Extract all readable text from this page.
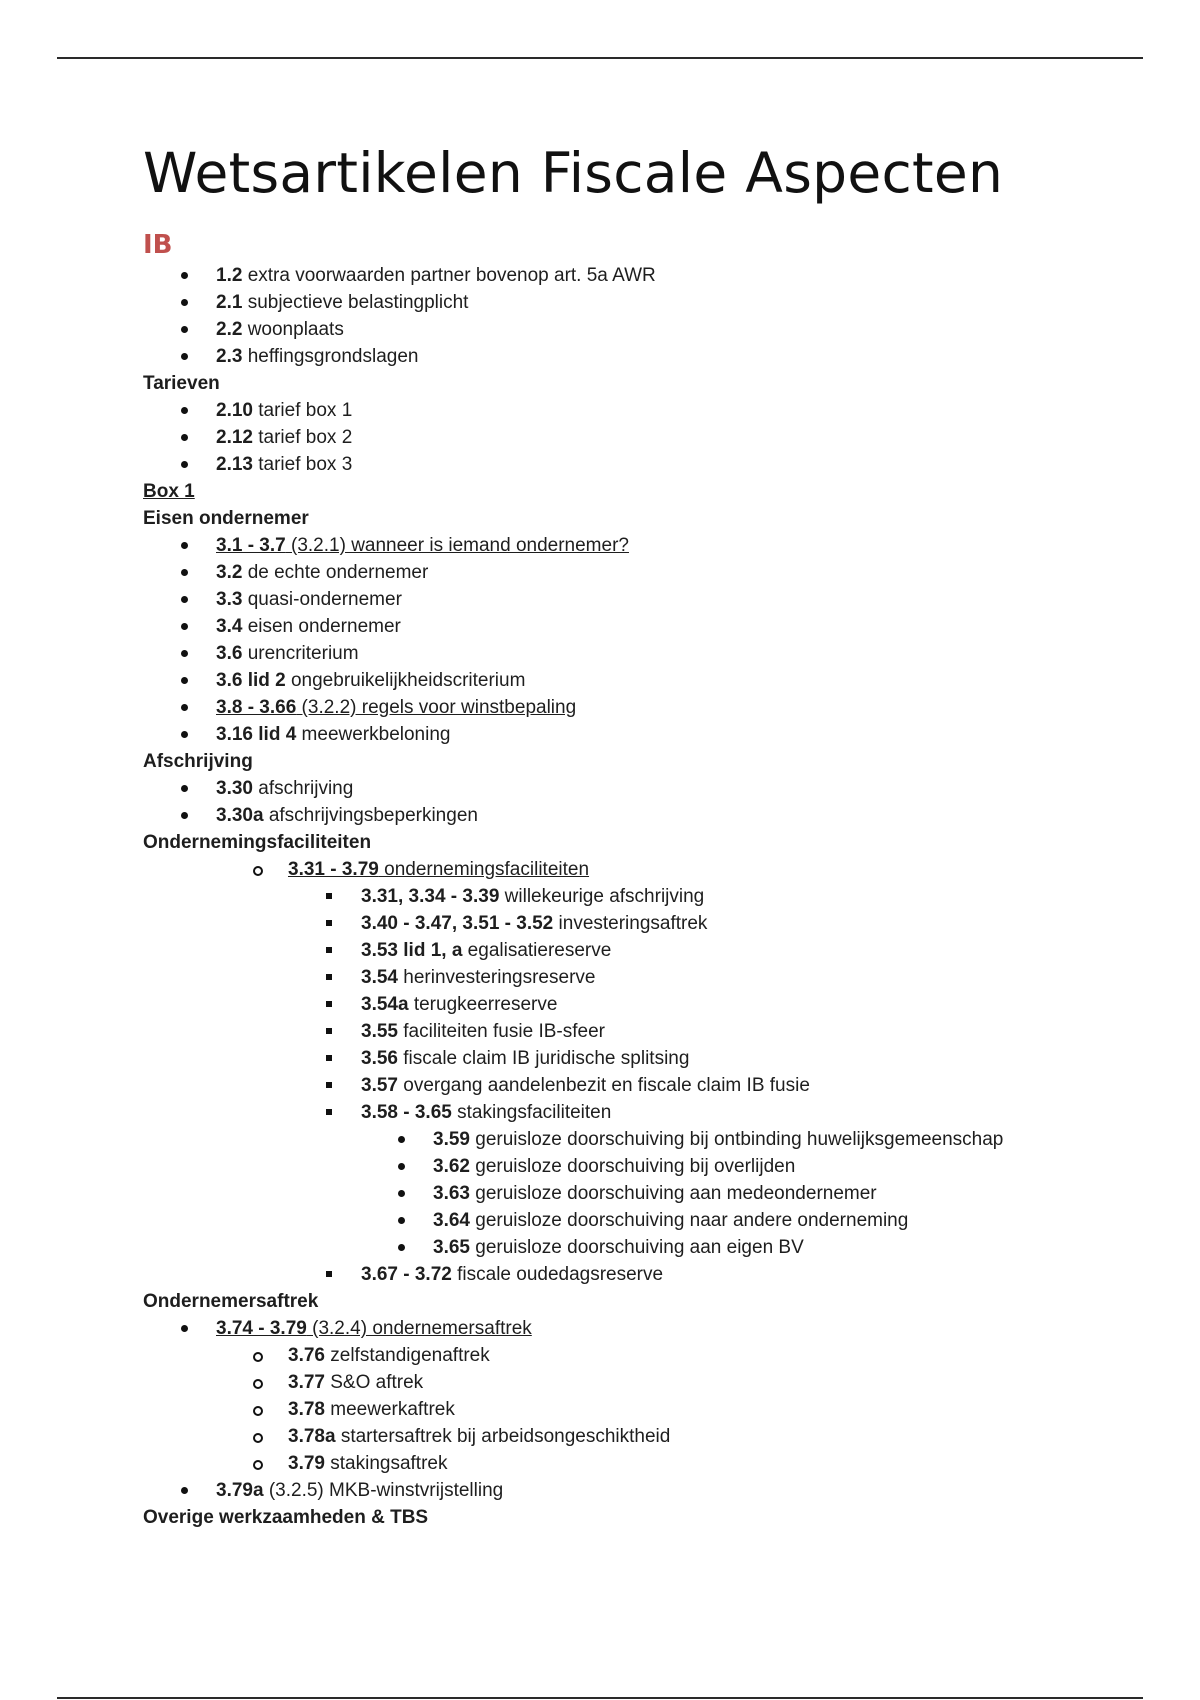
Wetsartikelen Fiscale Aspecten
IB
1.2 extra voorwaarden partner bovenop art. 5a AWR
2.1 subjectieve belastingplicht
2.2 woonplaats
2.3 heffingsgrondslagen
Tarieven
2.10 tarief box 1
2.12 tarief box 2
2.13 tarief box 3
Box 1
Eisen ondernemer
3.1 - 3.7 (3.2.1) wanneer is iemand ondernemer?
3.2 de echte ondernemer
3.3 quasi-ondernemer
3.4 eisen ondernemer
3.6 urencriterium
3.6 lid 2 ongebruikelijkheidscriterium
3.8 - 3.66 (3.2.2) regels voor winstbepaling
3.16 lid 4 meewerkbeloning
Afschrijving
3.30 afschrijving
3.30a afschrijvingsbeperkingen
Ondernemingsfaciliteiten
3.31 - 3.79 ondernemingsfaciliteiten
3.31, 3.34 - 3.39 willekeurige afschrijving
3.40 - 3.47, 3.51 - 3.52 investeringsaftrek
3.53 lid 1, a egalisatiereserve
3.54 herinvesteringsreserve
3.54a terugkeerreserve
3.55 faciliteiten fusie IB-sfeer
3.56 fiscale claim IB juridische splitsing
3.57 overgang aandelenbezit en fiscale claim IB fusie
3.58 - 3.65 stakingsfaciliteiten
3.59 geruisloze doorschuiving bij ontbinding huwelijksgemeenschap
3.62 geruisloze doorschuiving bij overlijden
3.63 geruisloze doorschuiving aan medeondernemer
3.64 geruisloze doorschuiving naar andere onderneming
3.65 geruisloze doorschuiving aan eigen BV
3.67 - 3.72 fiscale oudedagsreserve
Ondernemersaftrek
3.74 - 3.79 (3.2.4) ondernemersaftrek
3.76 zelfstandigenaftrek
3.77 S&O aftrek
3.78 meewerkaftrek
3.78a startersaftrek bij arbeidsongeschiktheid
3.79 stakingsaftrek
3.79a (3.2.5) MKB-winstvrijstelling
Overige werkzaamheden & TBS
